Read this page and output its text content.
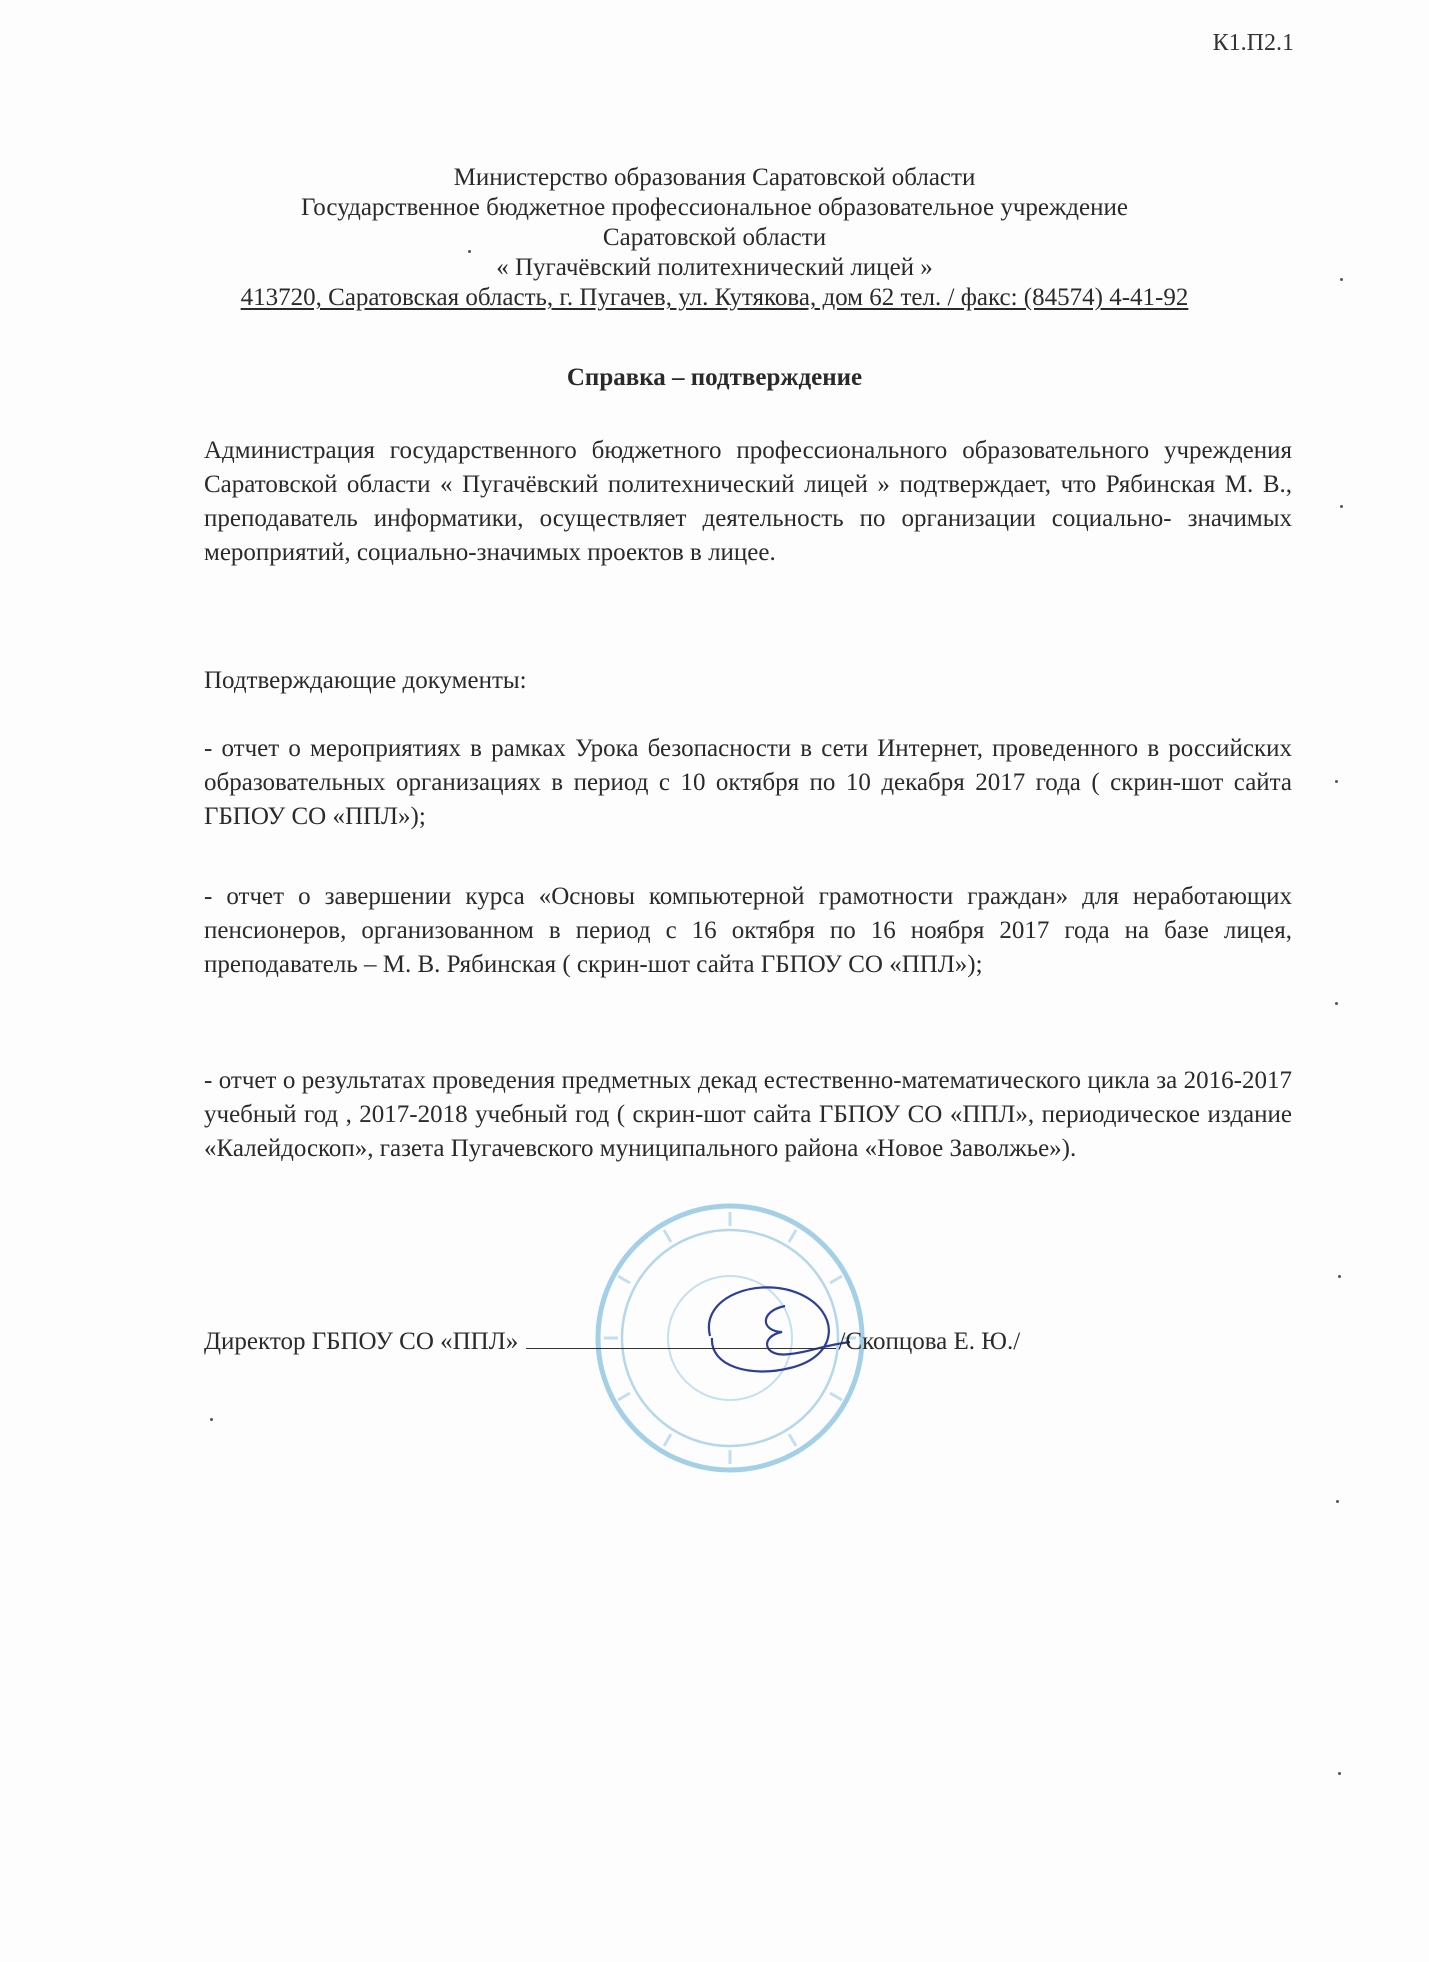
К1.П2.1
Министерство образования Саратовской области
Государственное бюджетное профессиональное образовательное учреждение
Саратовской области
« Пугачёвский политехнический лицей »
413720, Саратовская область, г. Пугачев, ул. Кутякова, дом 62 тел. / факс: (84574) 4-41-92
Справка – подтверждение
Администрация государственного бюджетного профессионального образовательного учреждения Саратовской области « Пугачёвский политехнический лицей » подтверждает, что Рябинская М. В., преподаватель информатики, осуществляет деятельность по организации социально- значимых мероприятий, социально-значимых проектов в лицее.
Подтверждающие документы:
- отчет о мероприятиях в рамках Урока безопасности в сети Интернет, проведенного в российских образовательных организациях в период с 10 октября по 10 декабря 2017 года ( скрин-шот сайта ГБПОУ СО «ППЛ»);
- отчет о завершении курса «Основы компьютерной грамотности граждан» для неработающих пенсионеров, организованном в период с 16 октября по 16 ноября 2017 года на базе лицея, преподаватель – М. В. Рябинская ( скрин-шот сайта ГБПОУ СО «ППЛ»);
- отчет о результатах проведения предметных декад естественно-математического цикла за 2016-2017 учебный год , 2017-2018 учебный год ( скрин-шот сайта ГБПОУ СО «ППЛ», периодическое издание «Калейдоскоп», газета Пугачевского муниципального района «Новое Заволжье»).
Директор ГБПОУ СО «ППЛ»	/Скопцова Е. Ю./
